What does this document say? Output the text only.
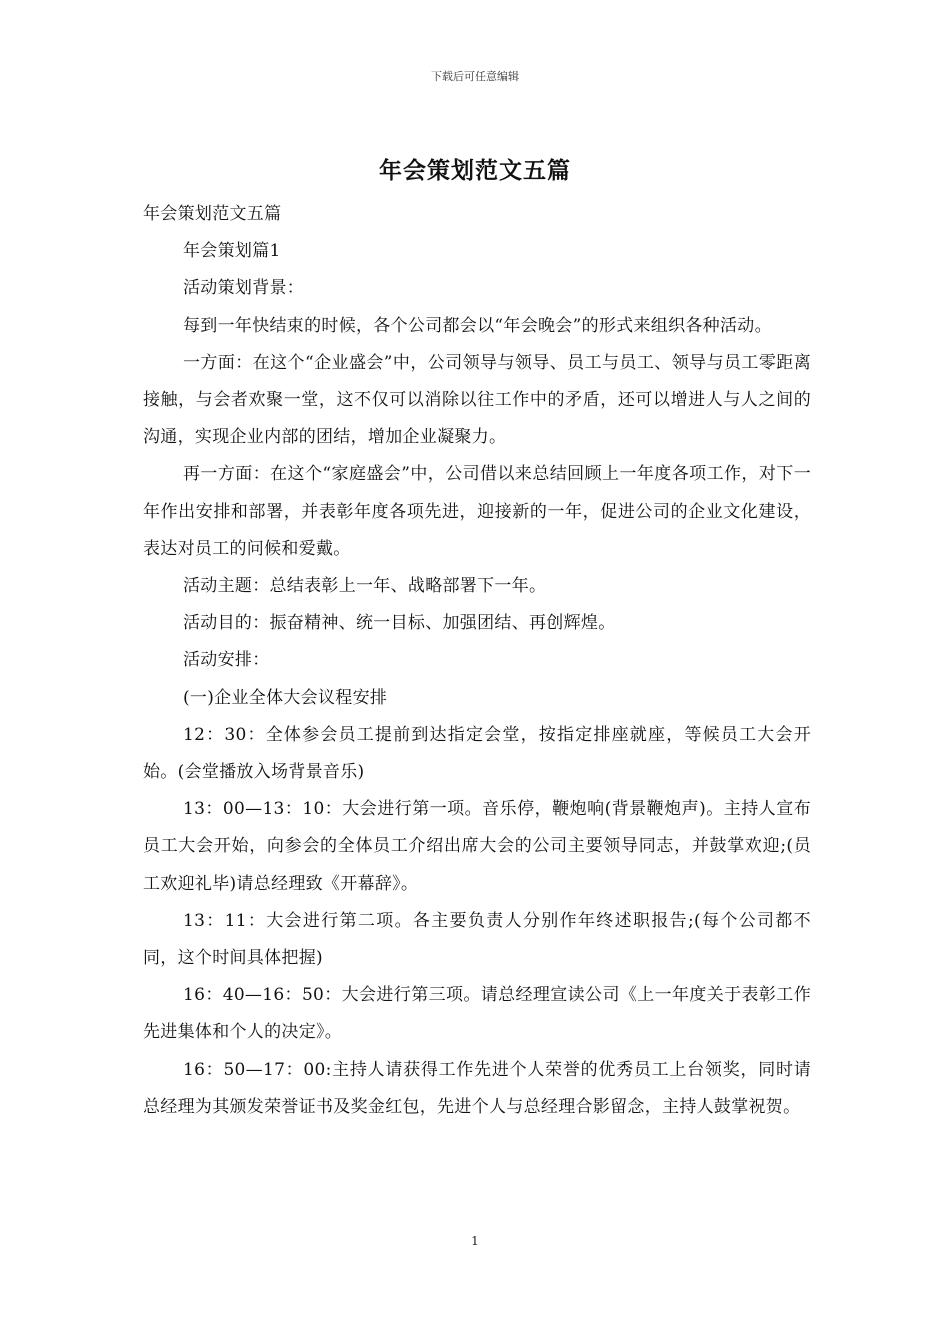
下载后可任意编辑
年会策划范文五篇

年会策划范文五篇

年会策划篇1

活动策划背景：

每到一年快结束的时候，各个公司都会以“年会晚会”的形式来组织各种活动。

一方面：在这个“企业盛会”中，公司领导与领导、员工与员工、领导与员工零距离接触，与会者欢聚一堂，这不仅可以消除以往工作中的矛盾，还可以增进人与人之间的沟通，实现企业内部的团结，增加企业凝聚力。

再一方面：在这个“家庭盛会”中，公司借以来总结回顾上一年度各项工作，对下一年作出安排和部署，并表彰年度各项先进，迎接新的一年，促进公司的企业文化建设，表达对员工的问候和爱戴。

活动主题：总结表彰上一年、战略部署下一年。

活动目的：振奋精神、统一目标、加强团结、再创辉煌。

活动安排：

(一)企业全体大会议程安排

12：30：全体参会员工提前到达指定会堂，按指定排座就座，等候员工大会开始。(会堂播放入场背景音乐)

13：00—13：10：大会进行第一项。音乐停，鞭炮响(背景鞭炮声)。主持人宣布员工大会开始，向参会的全体员工介绍出席大会的公司主要领导同志，并鼓掌欢迎;(员工欢迎礼毕)请总经理致《开幕辞》。

13：11：大会进行第二项。各主要负责人分别作年终述职报告;(每个公司都不同，这个时间具体把握)

16：40—16：50：大会进行第三项。请总经理宣读公司《上一年度关于表彰工作先进集体和个人的决定》。

16：50—17：00:主持人请获得工作先进个人荣誉的优秀员工上台领奖，同时请总经理为其颁发荣誉证书及奖金红包，先进个人与总经理合影留念，主持人鼓掌祝贺。

1
